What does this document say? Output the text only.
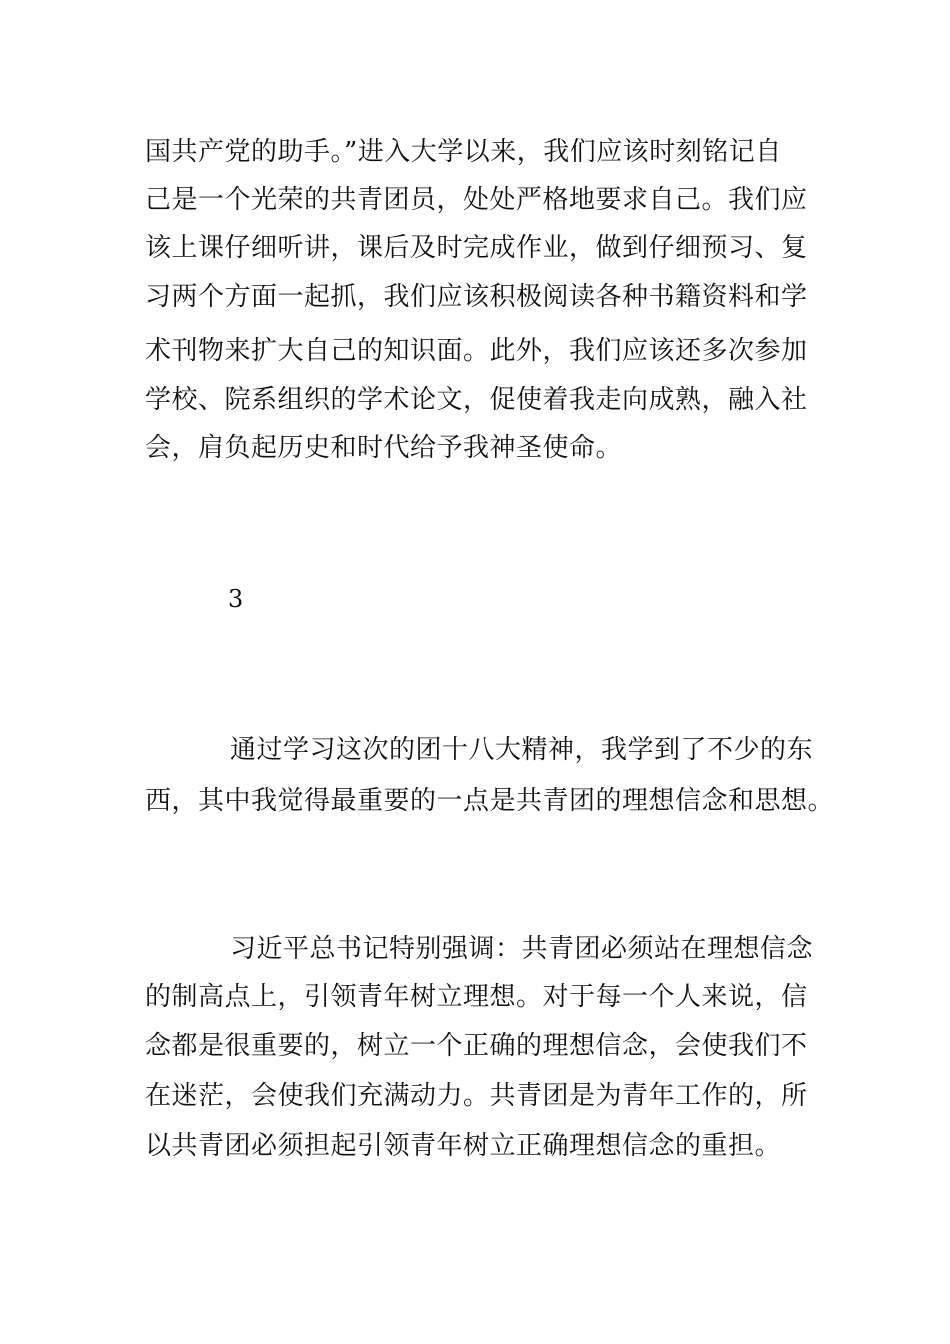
国共产党的助手。”进入大学以来，我们应该时刻铭记自
己是一个光荣的共青团员，处处严格地要求自己。我们应
该上课仔细听讲，课后及时完成作业，做到仔细预习、复
习两个方面一起抓，我们应该积极阅读各种书籍资料和学
术刊物来扩大自己的知识面。此外，我们应该还多次参加
学校、院系组织的学术论文，促使着我走向成熟，融入社
会，肩负起历史和时代给予我神圣使命。
3
通过学习这次的团十八大精神，我学到了不少的东
西，其中我觉得最重要的一点是共青团的理想信念和思想。
习近平总书记特别强调：共青团必须站在理想信念
的制高点上，引领青年树立理想。对于每一个人来说，信
念都是很重要的，树立一个正确的理想信念，会使我们不
在迷茫，会使我们充满动力。共青团是为青年工作的，所
以共青团必须担起引领青年树立正确理想信念的重担。
